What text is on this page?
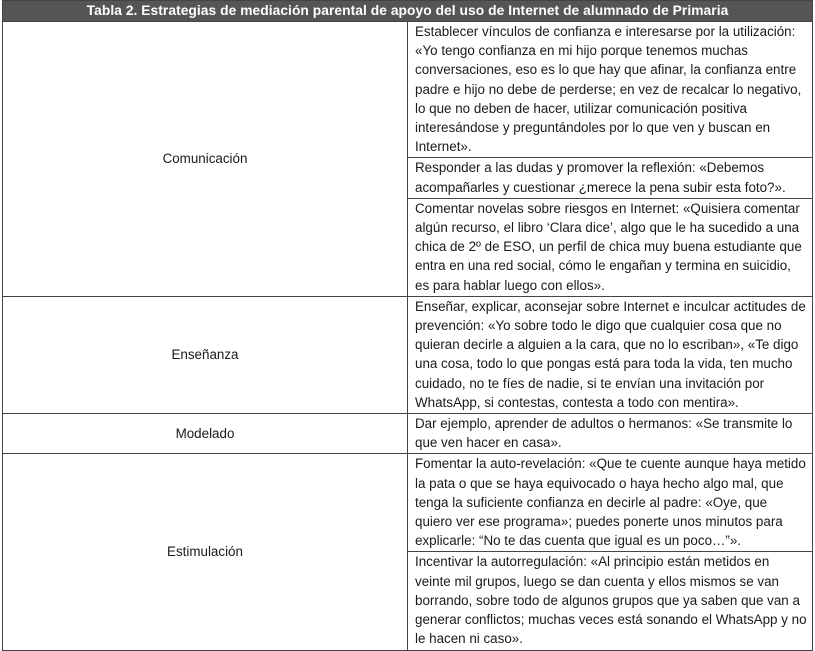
Tabla 2. Estrategias de mediación parental de apoyo del uso de Internet de alumnado de Primaria	
Comunicación	Establecer vínculos de confianza e interesarse por la utilización: «Yo tengo confianza en mi hijo porque tenemos muchas conversaciones, eso es lo que hay que afinar, la confianza entre padre e hijo no debe de perderse; en vez de recalcar lo negativo, lo que no deben de hacer, utilizar comunicación positiva interesándose y preguntándoles por lo que ven y buscan en Internet».
	Responder a las dudas y promover la reflexión: «Debemos acompañarles y cuestionar ¿merece la pena subir esta foto?».
	Comentar novelas sobre riesgos en Internet: «Quisiera comentar algún recurso, el libro ‘Clara dice’, algo que le ha sucedido a una chica de 2º de ESO, un perfil de chica muy buena estudiante que entra en una red social, cómo le engañan y termina en suicidio, es para hablar luego con ellos».
Enseñanza	Enseñar, explicar, aconsejar sobre Internet e inculcar actitudes de prevención: «Yo sobre todo le digo que cualquier cosa que no quieran decirle a alguien a la cara, que no lo escriban», «Te digo una cosa, todo lo que pongas está para toda la vida, ten mucho cuidado, no te fíes de nadie, si te envían una invitación por WhatsApp, si contestas, contesta a todo con mentira».
Modelado	Dar ejemplo, aprender de adultos o hermanos: «Se transmite lo que ven hacer en casa».
Estimulación	Fomentar la auto-revelación: «Que te cuente aunque haya metido la pata o que se haya equivocado o haya hecho algo mal, que tenga la suficiente confianza en decirle al padre: «Oye, que quiero ver ese programa»; puedes ponerte unos minutos para explicarle: “No te das cuenta que igual es un poco…”».
	Incentivar la autorregulación: «Al principio están metidos en veinte mil grupos, luego se dan cuenta y ellos mismos se van borrando, sobre todo de algunos grupos que ya saben que van a generar conflictos; muchas veces está sonando el WhatsApp y no le hacen ni caso».
